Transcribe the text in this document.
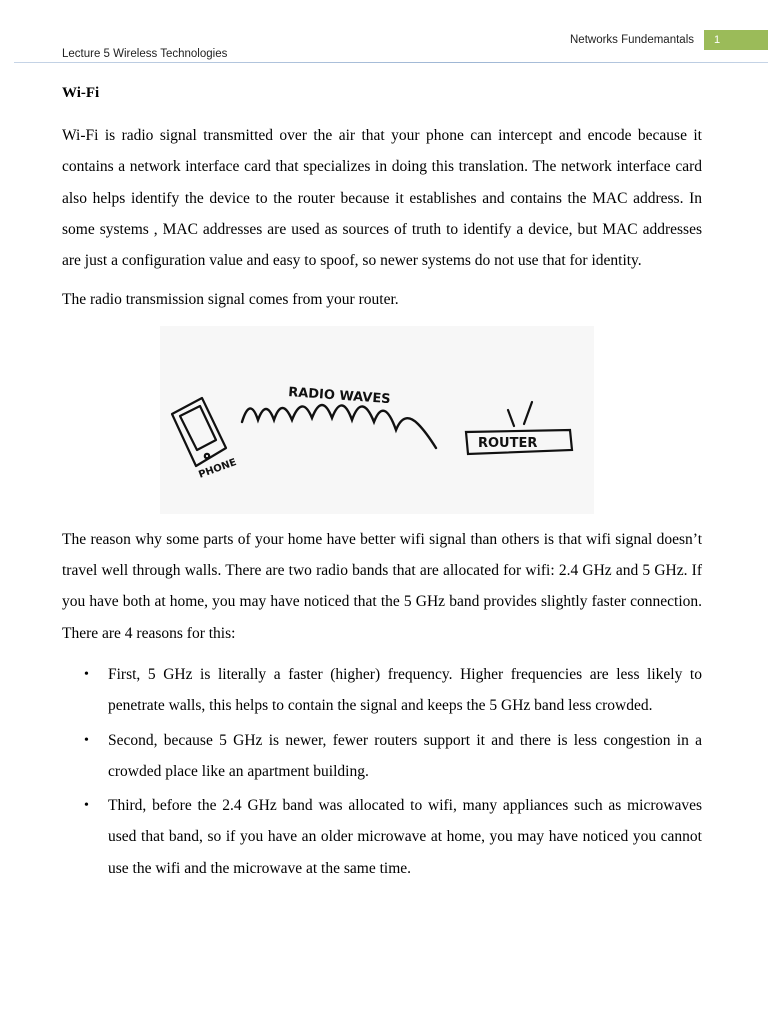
Networks Fundemantals	1
Lecture 5 Wireless Technologies
Wi-Fi

Wi-Fi is radio signal transmitted over the air that your phone can intercept and encode because it contains a network interface card that specializes in doing this translation. The network interface card also helps identify the device to the router because it establishes and contains the MAC address. In some systems , MAC addresses are used as sources of truth to identify a device, but MAC addresses are just a configuration value and easy to spoof, so newer systems do not use that for identity.

The radio transmission signal comes from your router.

PHONE
RADIO WAVES
ROUTER

The reason why some parts of your home have better wifi signal than others is that wifi signal doesn’t travel well through walls. There are two radio bands that are allocated for wifi: 2.4 GHz and 5 GHz. If you have both at home, you may have noticed that the 5 GHz band provides slightly faster connection. There are 4 reasons for this:

• First, 5 GHz is literally a faster (higher) frequency. Higher frequencies are less likely to penetrate walls, this helps to contain the signal and keeps the 5 GHz band less crowded.
• Second, because 5 GHz is newer, fewer routers support it and there is less congestion in a crowded place like an apartment building.
• Third, before the 2.4 GHz band was allocated to wifi, many appliances such as microwaves used that band, so if you have an older microwave at home, you may have noticed you cannot use the wifi and the microwave at the same time.
